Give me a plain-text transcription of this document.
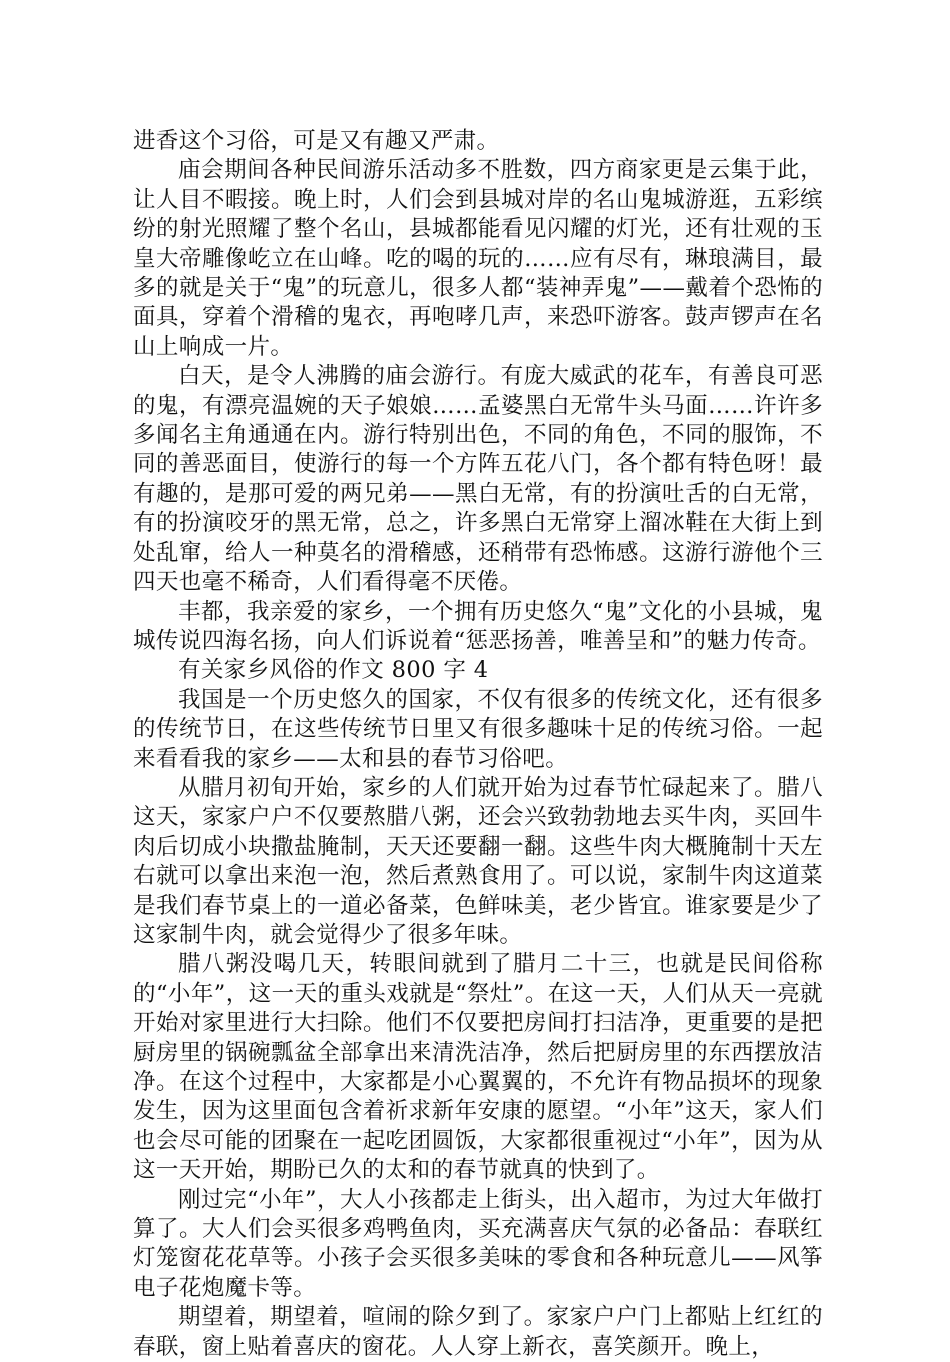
进香这个习俗，可是又有趣又严肃。

庙会期间各种民间游乐活动多不胜数，四方商家更是云集于此，让人目不暇接。晚上时，人们会到县城对岸的名山鬼城游逛，五彩缤纷的射光照耀了整个名山，县城都能看见闪耀的灯光，还有壮观的玉皇大帝雕像屹立在山峰。吃的喝的玩的……应有尽有，琳琅满目，最多的就是关于“鬼”的玩意儿，很多人都“装神弄鬼”——戴着个恐怖的面具，穿着个滑稽的鬼衣，再咆哮几声，来恐吓游客。鼓声锣声在名山上响成一片。

白天，是令人沸腾的庙会游行。有庞大威武的花车，有善良可恶的鬼，有漂亮温婉的天子娘娘……孟婆黑白无常牛头马面……许许多多闻名主角通通在内。游行特别出色，不同的角色，不同的服饰，不同的善恶面目，使游行的每一个方阵五花八门，各个都有特色呀！最有趣的，是那可爱的两兄弟——黑白无常，有的扮演吐舌的白无常，有的扮演咬牙的黑无常，总之，许多黑白无常穿上溜冰鞋在大街上到处乱窜，给人一种莫名的滑稽感，还稍带有恐怖感。这游行游他个三四天也毫不稀奇，人们看得毫不厌倦。

丰都，我亲爱的家乡，一个拥有历史悠久“鬼”文化的小县城，鬼城传说四海名扬，向人们诉说着“惩恶扬善，唯善呈和”的魅力传奇。

有关家乡风俗的作文 800 字 4

我国是一个历史悠久的国家，不仅有很多的传统文化，还有很多的传统节日，在这些传统节日里又有很多趣味十足的传统习俗。一起来看看我的家乡——太和县的春节习俗吧。

从腊月初旬开始，家乡的人们就开始为过春节忙碌起来了。腊八这天，家家户户不仅要熬腊八粥，还会兴致勃勃地去买牛肉，买回牛肉后切成小块撒盐腌制，天天还要翻一翻。这些牛肉大概腌制十天左右就可以拿出来泡一泡，然后煮熟食用了。可以说，家制牛肉这道菜是我们春节桌上的一道必备菜，色鲜味美，老少皆宜。谁家要是少了这家制牛肉，就会觉得少了很多年味。

腊八粥没喝几天，转眼间就到了腊月二十三，也就是民间俗称的“小年”，这一天的重头戏就是“祭灶”。在这一天，人们从天一亮就开始对家里进行大扫除。他们不仅要把房间打扫洁净，更重要的是把厨房里的锅碗瓢盆全部拿出来清洗洁净，然后把厨房里的东西摆放洁净。在这个过程中，大家都是小心翼翼的，不允许有物品损坏的现象发生，因为这里面包含着祈求新年安康的愿望。“小年”这天，家人们也会尽可能的团聚在一起吃团圆饭，大家都很重视过“小年”，因为从这一天开始，期盼已久的太和的春节就真的快到了。

刚过完“小年”，大人小孩都走上街头，出入超市，为过大年做打算了。大人们会买很多鸡鸭鱼肉，买充满喜庆气氛的必备品：春联红灯笼窗花花草等。小孩子会买很多美味的零食和各种玩意儿——风筝电子花炮魔卡等。

期望着，期望着，喧闹的除夕到了。家家户户门上都贴上红红的春联，窗上贴着喜庆的窗花。人人穿上新衣，喜笑颜开。晚上，
